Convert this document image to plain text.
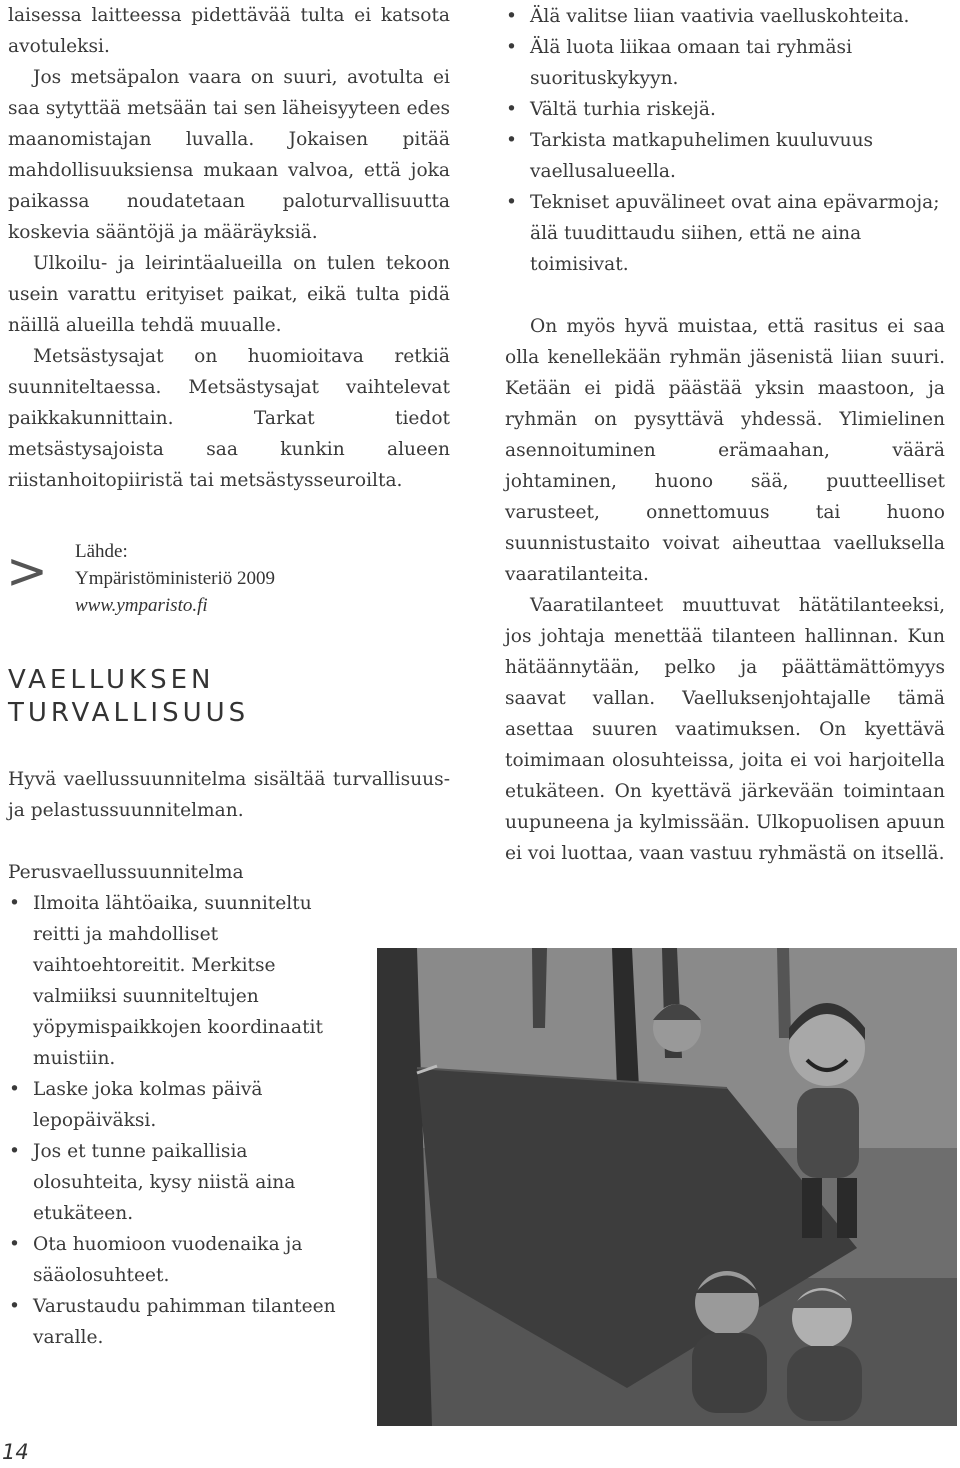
laisessa laitteessa pidettävää tulta ei katsota avotuleksi.

Jos metsäpalon vaara on suuri, avotulta ei saa sytyttää metsään tai sen läheisyyteen edes maanomistajan luvalla. Jokaisen pitää mahdollisuuksiensa mukaan valvoa, että joka paikassa noudatetaan paloturvallisuutta koskevia sääntöjä ja määräyksiä.

Ulkoilu- ja leirintäalueilla on tulen tekoon usein varattu erityiset paikat, eikä tulta pidä näillä alueilla tehdä muualle.

Metsästysajat on huomioitava retkiä suunniteltaessa. Metsästysajat vaihtelevat paikkakunnittain. Tarkat tiedot metsästysajoista saa kunkin alueen riistanhoitopiiristä tai metsästysseuroilta.

> Lähde:
Ympäristöministeriö 2009
www.ymparisto.fi
VAELLUKSEN
TURVALLISUUS

Hyvä vaellussuunnitelma sisältää turvallisuus- ja pelastussuunnitelman.

Perusvaellussuunnitelma

• Ilmoita lähtöaika, suunniteltu reitti ja mahdolliset vaihtoehtoreitit. Merkitse valmiiksi suunniteltujen yöpymispaikkojen koordinaatit muistiin.
• Laske joka kolmas päivä lepopäiväksi.
• Jos et tunne paikallisia olosuhteita, kysy niistä aina etukäteen.
• Ota huomioon vuodenaika ja sääolosuhteet.
• Varustaudu pahimman tilanteen varalle.
• Älä valitse liian vaativia vaelluskohteita.
• Älä luota liikaa omaan tai ryhmäsi suorituskykyyn.
• Vältä turhia riskejä.
• Tarkista matkapuhelimen kuuluvuus vaellusalueella.
• Tekniset apuvälineet ovat aina epävarmoja; älä tuudittaudu siihen, että ne aina toimisivat.

On myös hyvä muistaa, että rasitus ei saa olla kenellekään ryhmän jäsenistä liian suuri. Ketään ei pidä päästää yksin maastoon, ja ryhmän on pysyttävä yhdessä. Ylimielinen asennoituminen erämaahan, väärä johtaminen, huono sää, puutteelliset varusteet, onnettomuus tai huono suunnistustaito voivat aiheuttaa vaelluksella vaaratilanteita.

Vaaratilanteet muuttuvat hätätilanteeksi, jos johtaja menettää tilanteen hallinnan. Kun hätäännytään, pelko ja päättämättömyys saavat vallan. Vaelluksenjohtajalle tämä asettaa suuren vaatimuksen. On kyettävä toimimaan olosuhteissa, joita ei voi harjoitella etukäteen. On kyettävä järkevään toimintaan uupuneena ja kylmissään. Ulkopuolisen apuun ei voi luottaa, vaan vastuu ryhmästä on itsellä.

14
